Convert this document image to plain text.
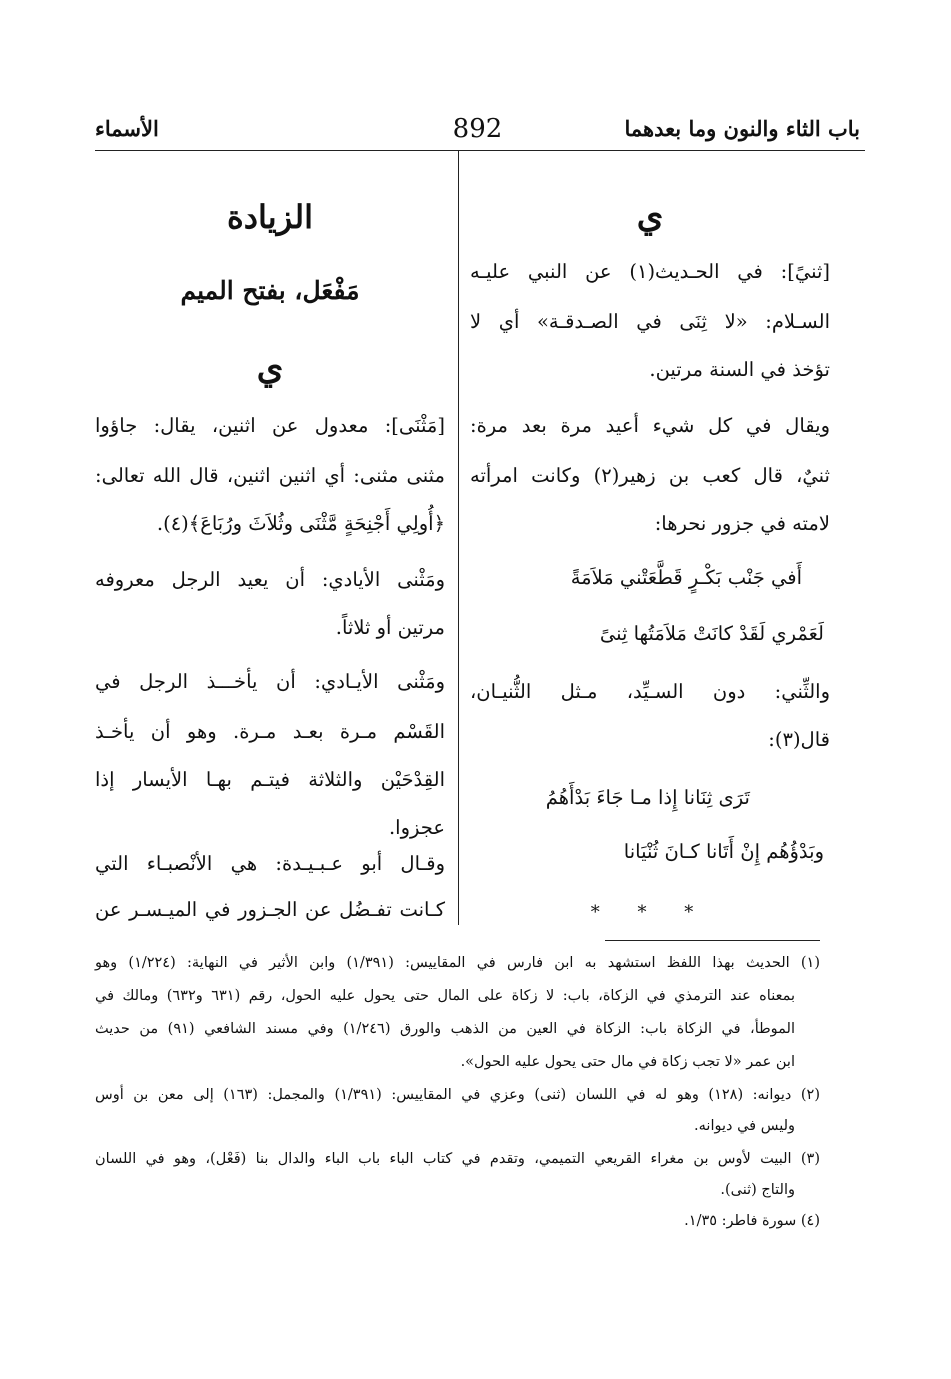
باب الثاء والنون وما بعدهما
892
الأسماء
ي
[ثنيً]: في الحـديث(١) عن النبي عليـه
السـلام: «لا ثِنَى في الصـدقـة» أي لا
تؤخذ في السنة مرتين.
ويقال في كل شيء أعيد مرة بعد مرة:
ثنيٌ، قال كعب بن زهير(٢) وكانت امرأته
لامته في جزور نحرها:
أَفي جَنْب بَكْـرٍ قَطَّعَتْني مَلاَمَةً
لَعَمْري لَقَدْ كانَتْ مَلاَمَتُها ثِنىً
والثِّني: دون السـيِّد، مـثل الثُّنيـان،
قال(٣):
تَرَى ثِنَانا إِذا مـا جَاءَ بَدْأَهُمُ
وبَدْؤُهُم إِنْ أَتَانا كـانَ ثُنْيَانا
* * *
الزيادة
مَفْعَل، بفتح الميم
ي
[مَثْنَى]: معدول عن اثنين، يقال: جاؤوا
مثنى مثنى: أي اثنين اثنين، قال الله تعالى:
﴿أُولِي أَجْنِحَةٍ مَّثْنَى وثُلاَثَ ورُبَاعَ﴾(٤).
ومَثْنى الأيادي: أن يعيد الرجل معروفه
مرتين أو ثلاثاً.
ومَثْنى الأيـادي: أن يأخـــذ الرجل في
القَسْم مـرة بعـد مـرة. وهو أن يأخـذ
القِدْحَيْن والثلاثة فيتـم بهـا الأيسار إذا
عجزوا.
وقـال أبو عـبـيـدة: هي الأنْصبـاء التي
كـانت تفـضُل عن الجـزور في الميـسـر عن
(١) الحديث بهذا اللفظ استشهد به ابن فارس في المقاييس: (١/٣٩١) وابن الأثير في النهاية: (١/٢٢٤) وهو
بمعناه عند الترمذي في الزكاة، باب: لا زكاة على المال حتى يحول عليه الحول، رقم (٦٣١ و٦٣٢) ومالك في
الموطأ، في الزكاة باب: الزكاة في العين من الذهب والورق (١/٢٤٦) وفي مسند الشافعي (٩١) من حديث
ابن عمر «لا تجب زكاة في مال حتى يحول عليه الحول».
(٢) ديوانه: (١٢٨) وهو له في اللسان (ثنى) وعزي في المقاييس: (١/٣٩١) والمجمل: (١٦٣) إلى معن بن أوس
وليس في ديوانه.
(٣) البيت لأوس بن مغراء القريعي التميمي، وتقدم في كتاب الباء باب الباء والدال بنا (فَعْل)، وهو في اللسان
والتاج (ثنى).
(٤) سورة فاطر: ١/٣٥.
